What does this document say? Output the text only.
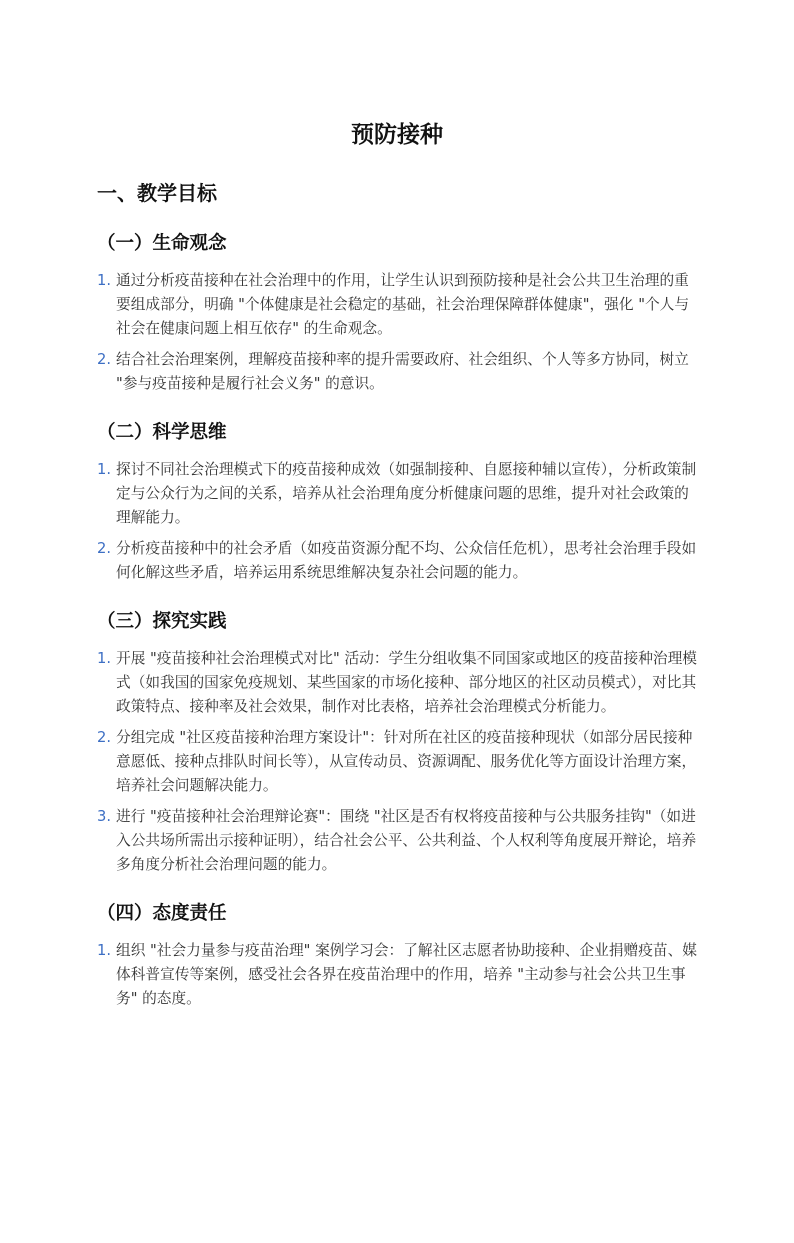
预防接种
一、教学目标
（一）生命观念
1. 通过分析疫苗接种在社会治理中的作用，让学生认识到预防接种是社会公共卫生治理的重要组成部分，明确 "个体健康是社会稳定的基础，社会治理保障群体健康"，强化 "个人与社会在健康问题上相互依存" 的生命观念。
2. 结合社会治理案例，理解疫苗接种率的提升需要政府、社会组织、个人等多方协同，树立 "参与疫苗接种是履行社会义务" 的意识。
（二）科学思维
1. 探讨不同社会治理模式下的疫苗接种成效（如强制接种、自愿接种辅以宣传），分析政策制定与公众行为之间的关系，培养从社会治理角度分析健康问题的思维，提升对社会政策的理解能力。
2. 分析疫苗接种中的社会矛盾（如疫苗资源分配不均、公众信任危机），思考社会治理手段如何化解这些矛盾，培养运用系统思维解决复杂社会问题的能力。
（三）探究实践
1. 开展 "疫苗接种社会治理模式对比" 活动：学生分组收集不同国家或地区的疫苗接种治理模式（如我国的国家免疫规划、某些国家的市场化接种、部分地区的社区动员模式），对比其政策特点、接种率及社会效果，制作对比表格，培养社会治理模式分析能力。
2. 分组完成 "社区疫苗接种治理方案设计"：针对所在社区的疫苗接种现状（如部分居民接种意愿低、接种点排队时间长等），从宣传动员、资源调配、服务优化等方面设计治理方案，培养社会问题解决能力。
3. 进行 "疫苗接种社会治理辩论赛"：围绕 "社区是否有权将疫苗接种与公共服务挂钩"（如进入公共场所需出示接种证明），结合社会公平、公共利益、个人权利等角度展开辩论，培养多角度分析社会治理问题的能力。
（四）态度责任
1. 组织 "社会力量参与疫苗治理" 案例学习会：了解社区志愿者协助接种、企业捐赠疫苗、媒体科普宣传等案例，感受社会各界在疫苗治理中的作用，培养 "主动参与社会公共卫生事务" 的态度。
